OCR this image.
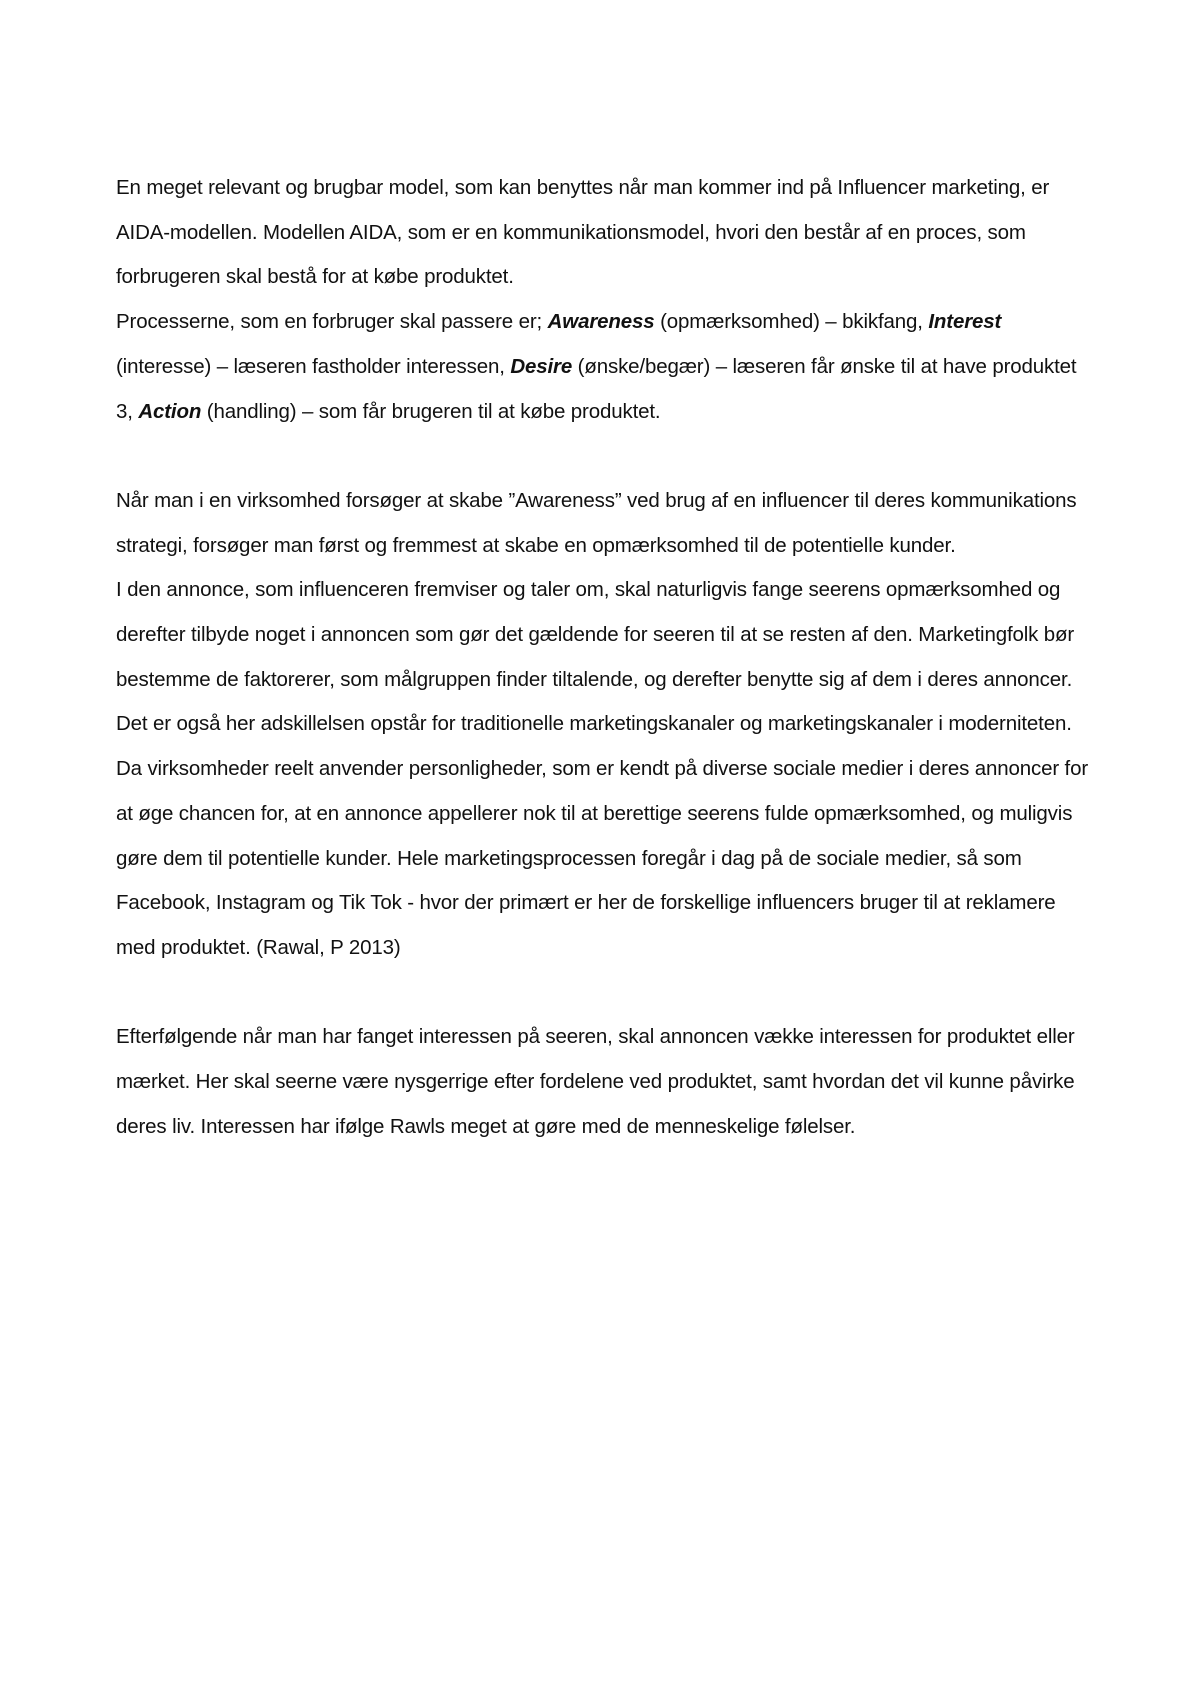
En meget relevant og brugbar model, som kan benyttes når man kommer ind på Influencer marketing, er AIDA-modellen. Modellen AIDA, som er en kommunikationsmodel, hvori den består af en proces, som forbrugeren skal bestå for at købe produktet.

Processerne, som en forbruger skal passere er; Awareness (opmærksomhed) – bkikfang, Interest (interesse) – læseren fastholder interessen, Desire (ønske/begær) – læseren får ønske til at have produktet 3, Action (handling) – som får brugeren til at købe produktet.

Når man i en virksomhed forsøger at skabe ”Awareness” ved brug af en influencer til deres kommunikations strategi, forsøger man først og fremmest at skabe en opmærksomhed til de potentielle kunder.

I den annonce, som influenceren fremviser og taler om, skal naturligvis fange seerens opmærksomhed og derefter tilbyde noget i annoncen som gør det gældende for seeren til at se resten af den. Marketingfolk bør bestemme de faktorerer, som målgruppen finder tiltalende, og derefter benytte sig af dem i deres annoncer.

Det er også her adskillelsen opstår for traditionelle marketingskanaler og marketingskanaler i moderniteten. Da virksomheder reelt anvender personligheder, som er kendt på diverse sociale medier i deres annoncer for at øge chancen for, at en annonce appellerer nok til at berettige seerens fulde opmærksomhed, og muligvis gøre dem til potentielle kunder. Hele marketingsprocessen foregår i dag på de sociale medier, så som Facebook, Instagram og Tik Tok - hvor der primært er her de forskellige influencers bruger til at reklamere med produktet. (Rawal, P 2013)

Efterfølgende når man har fanget interessen på seeren, skal annoncen vække interessen for produktet eller mærket. Her skal seerne være nysgerrige efter fordelene ved produktet, samt hvordan det vil kunne påvirke deres liv. Interessen har ifølge Rawls meget at gøre med de menneskelige følelser.
